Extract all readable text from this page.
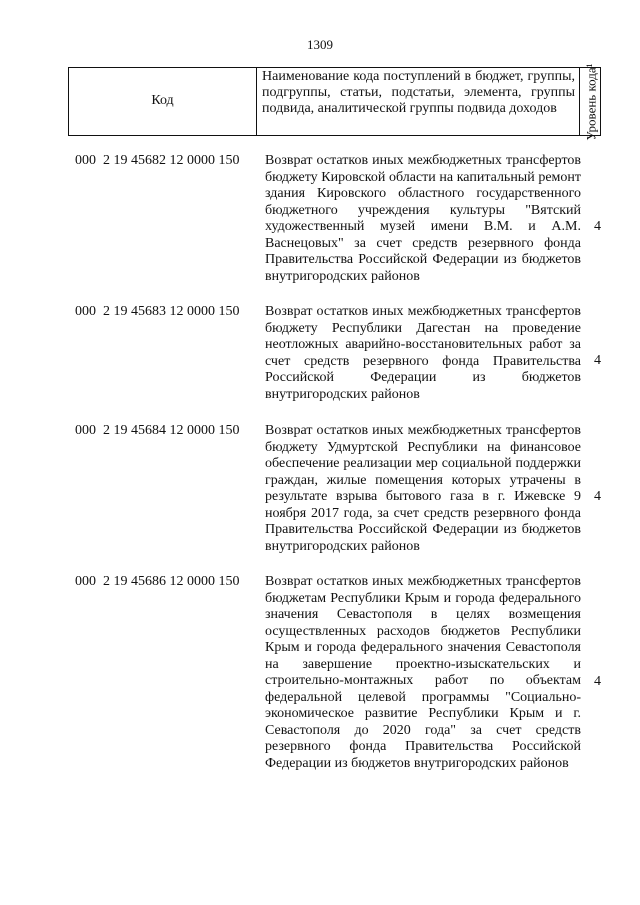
1309
Код
Наименование кода поступлений в бюджет, группы, подгруппы, статьи, подстатьи, элемента, группы подвида, аналитической группы подвида доходов	Уровень кода¹
000  2 19 45682 12 0000 150 Возврат остатков иных межбюджетных трансфертов бюджету Кировской области на капитальный ремонт здания Кировского областного государственного бюджетного учреждения культуры "Вятский художественный музей имени В.М. и А.М. Васнецовых" за счет средств резервного фонда Правительства Российской Федерации из бюджетов внутригородских районов
4
000  2 19 45683 12 0000 150 Возврат остатков иных межбюджетных трансфертов бюджету Республики Дагестан на проведение неотложных аварийно-восстановительных работ за счет средств резервного фонда Правительства Российской Федерации из бюджетов внутригородских районов
4
000  2 19 45684 12 0000 150 Возврат остатков иных межбюджетных трансфертов бюджету Удмуртской Республики на финансовое обеспечение реализации мер социальной поддержки граждан, жилые помещения которых утрачены в результате взрыва бытового газа в г. Ижевске 9 ноября 2017 года, за счет средств резервного фонда Правительства Российской Федерации из бюджетов внутригородских районов
4
000  2 19 45686 12 0000 150 Возврат остатков иных межбюджетных трансфертов бюджетам Республики Крым и города федерального значения Севастополя в целях возмещения осуществленных расходов бюджетов Республики Крым и города федерального значения Севастополя на завершение проектно-изыскательских и строительно-монтажных работ по объектам федеральной целевой программы "Социально-экономическое развитие Республики Крым и г. Севастополя до 2020 года" за счет средств резервного фонда Правительства Российской Федерации из бюджетов внутригородских районов
4
